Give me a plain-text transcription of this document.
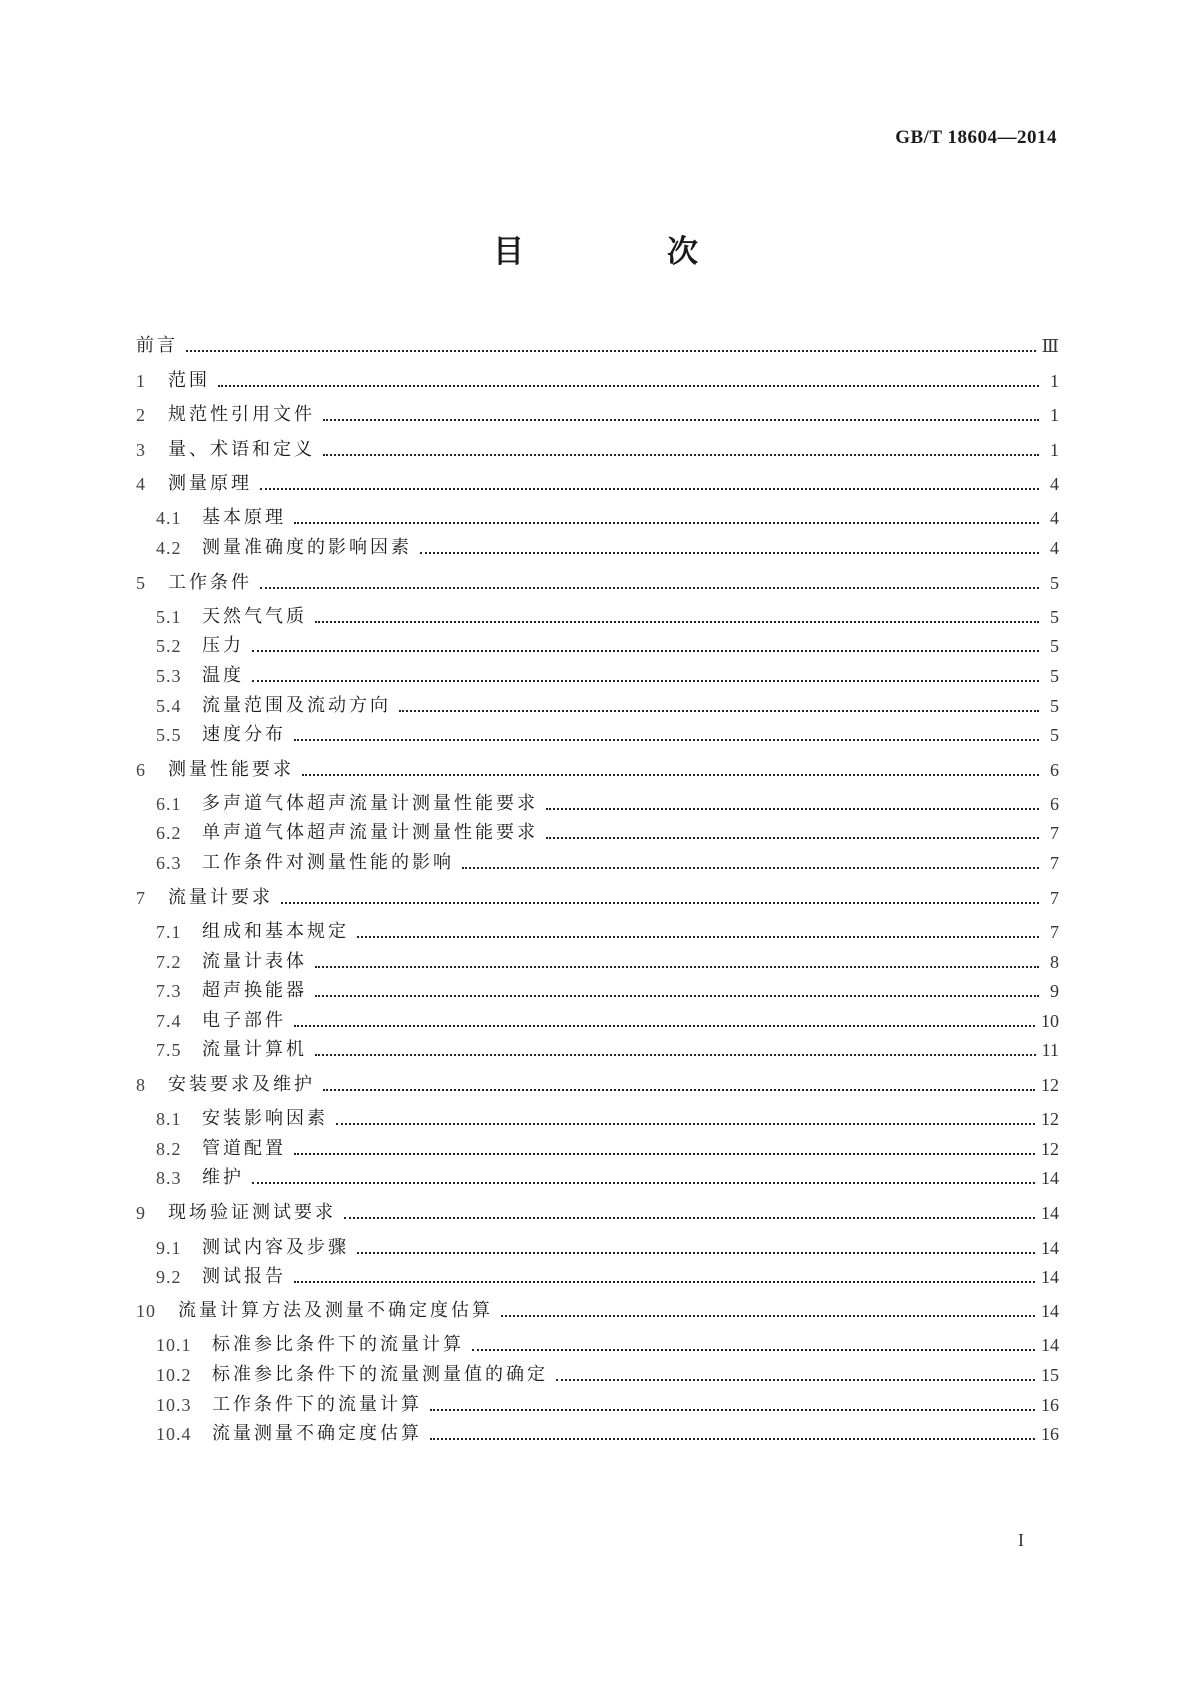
GB/T 18604—2014
目　次
前言	Ⅲ
1	范围	1
2	规范性引用文件	1
3	量、术语和定义	1
4	测量原理	4
4.1	基本原理	4
4.2	测量准确度的影响因素	4
5	工作条件	5
5.1	天然气气质	5
5.2	压力	5
5.3	温度	5
5.4	流量范围及流动方向	5
5.5	速度分布	5
6	测量性能要求	6
6.1	多声道气体超声流量计测量性能要求	6
6.2	单声道气体超声流量计测量性能要求	7
6.3	工作条件对测量性能的影响	7
7	流量计要求	7
7.1	组成和基本规定	7
7.2	流量计表体	8
7.3	超声换能器	9
7.4	电子部件	10
7.5	流量计算机	11
8	安装要求及维护	12
8.1	安装影响因素	12
8.2	管道配置	12
8.3	维护	14
9	现场验证测试要求	14
9.1	测试内容及步骤	14
9.2	测试报告	14
10	流量计算方法及测量不确定度估算	14
10.1	标准参比条件下的流量计算	14
10.2	标准参比条件下的流量测量值的确定	15
10.3	工作条件下的流量计算	16
10.4	流量测量不确定度估算	16
I
